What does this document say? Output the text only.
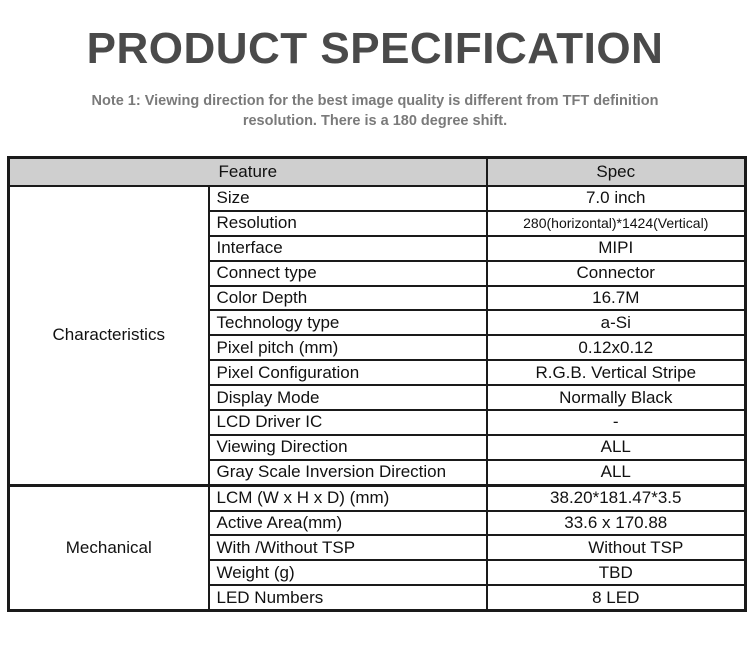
PRODUCT SPECIFICATION
Note 1: Viewing direction for the best image quality is different from TFT definition resolution. There is a 180 degree shift.
Feature		Spec
Characteristics	Size	7.0 inch
	Resolution	280(horizontal)*1424(Vertical)
	Interface	MIPI
	Connect type	Connector
	Color Depth	16.7M
	Technology type	a-Si
	Pixel pitch (mm)	0.12x0.12
	Pixel Configuration	R.G.B. Vertical Stripe
	Display Mode	Normally Black
	LCD Driver IC	-
	Viewing Direction	ALL
	Gray Scale Inversion Direction	ALL
Mechanical	LCM (W x H x D) (mm)	38.20*181.47*3.5
	Active Area(mm)	33.6 x 170.88
	With /Without TSP	Without TSP
	Weight (g)	TBD
	LED Numbers	8 LED
